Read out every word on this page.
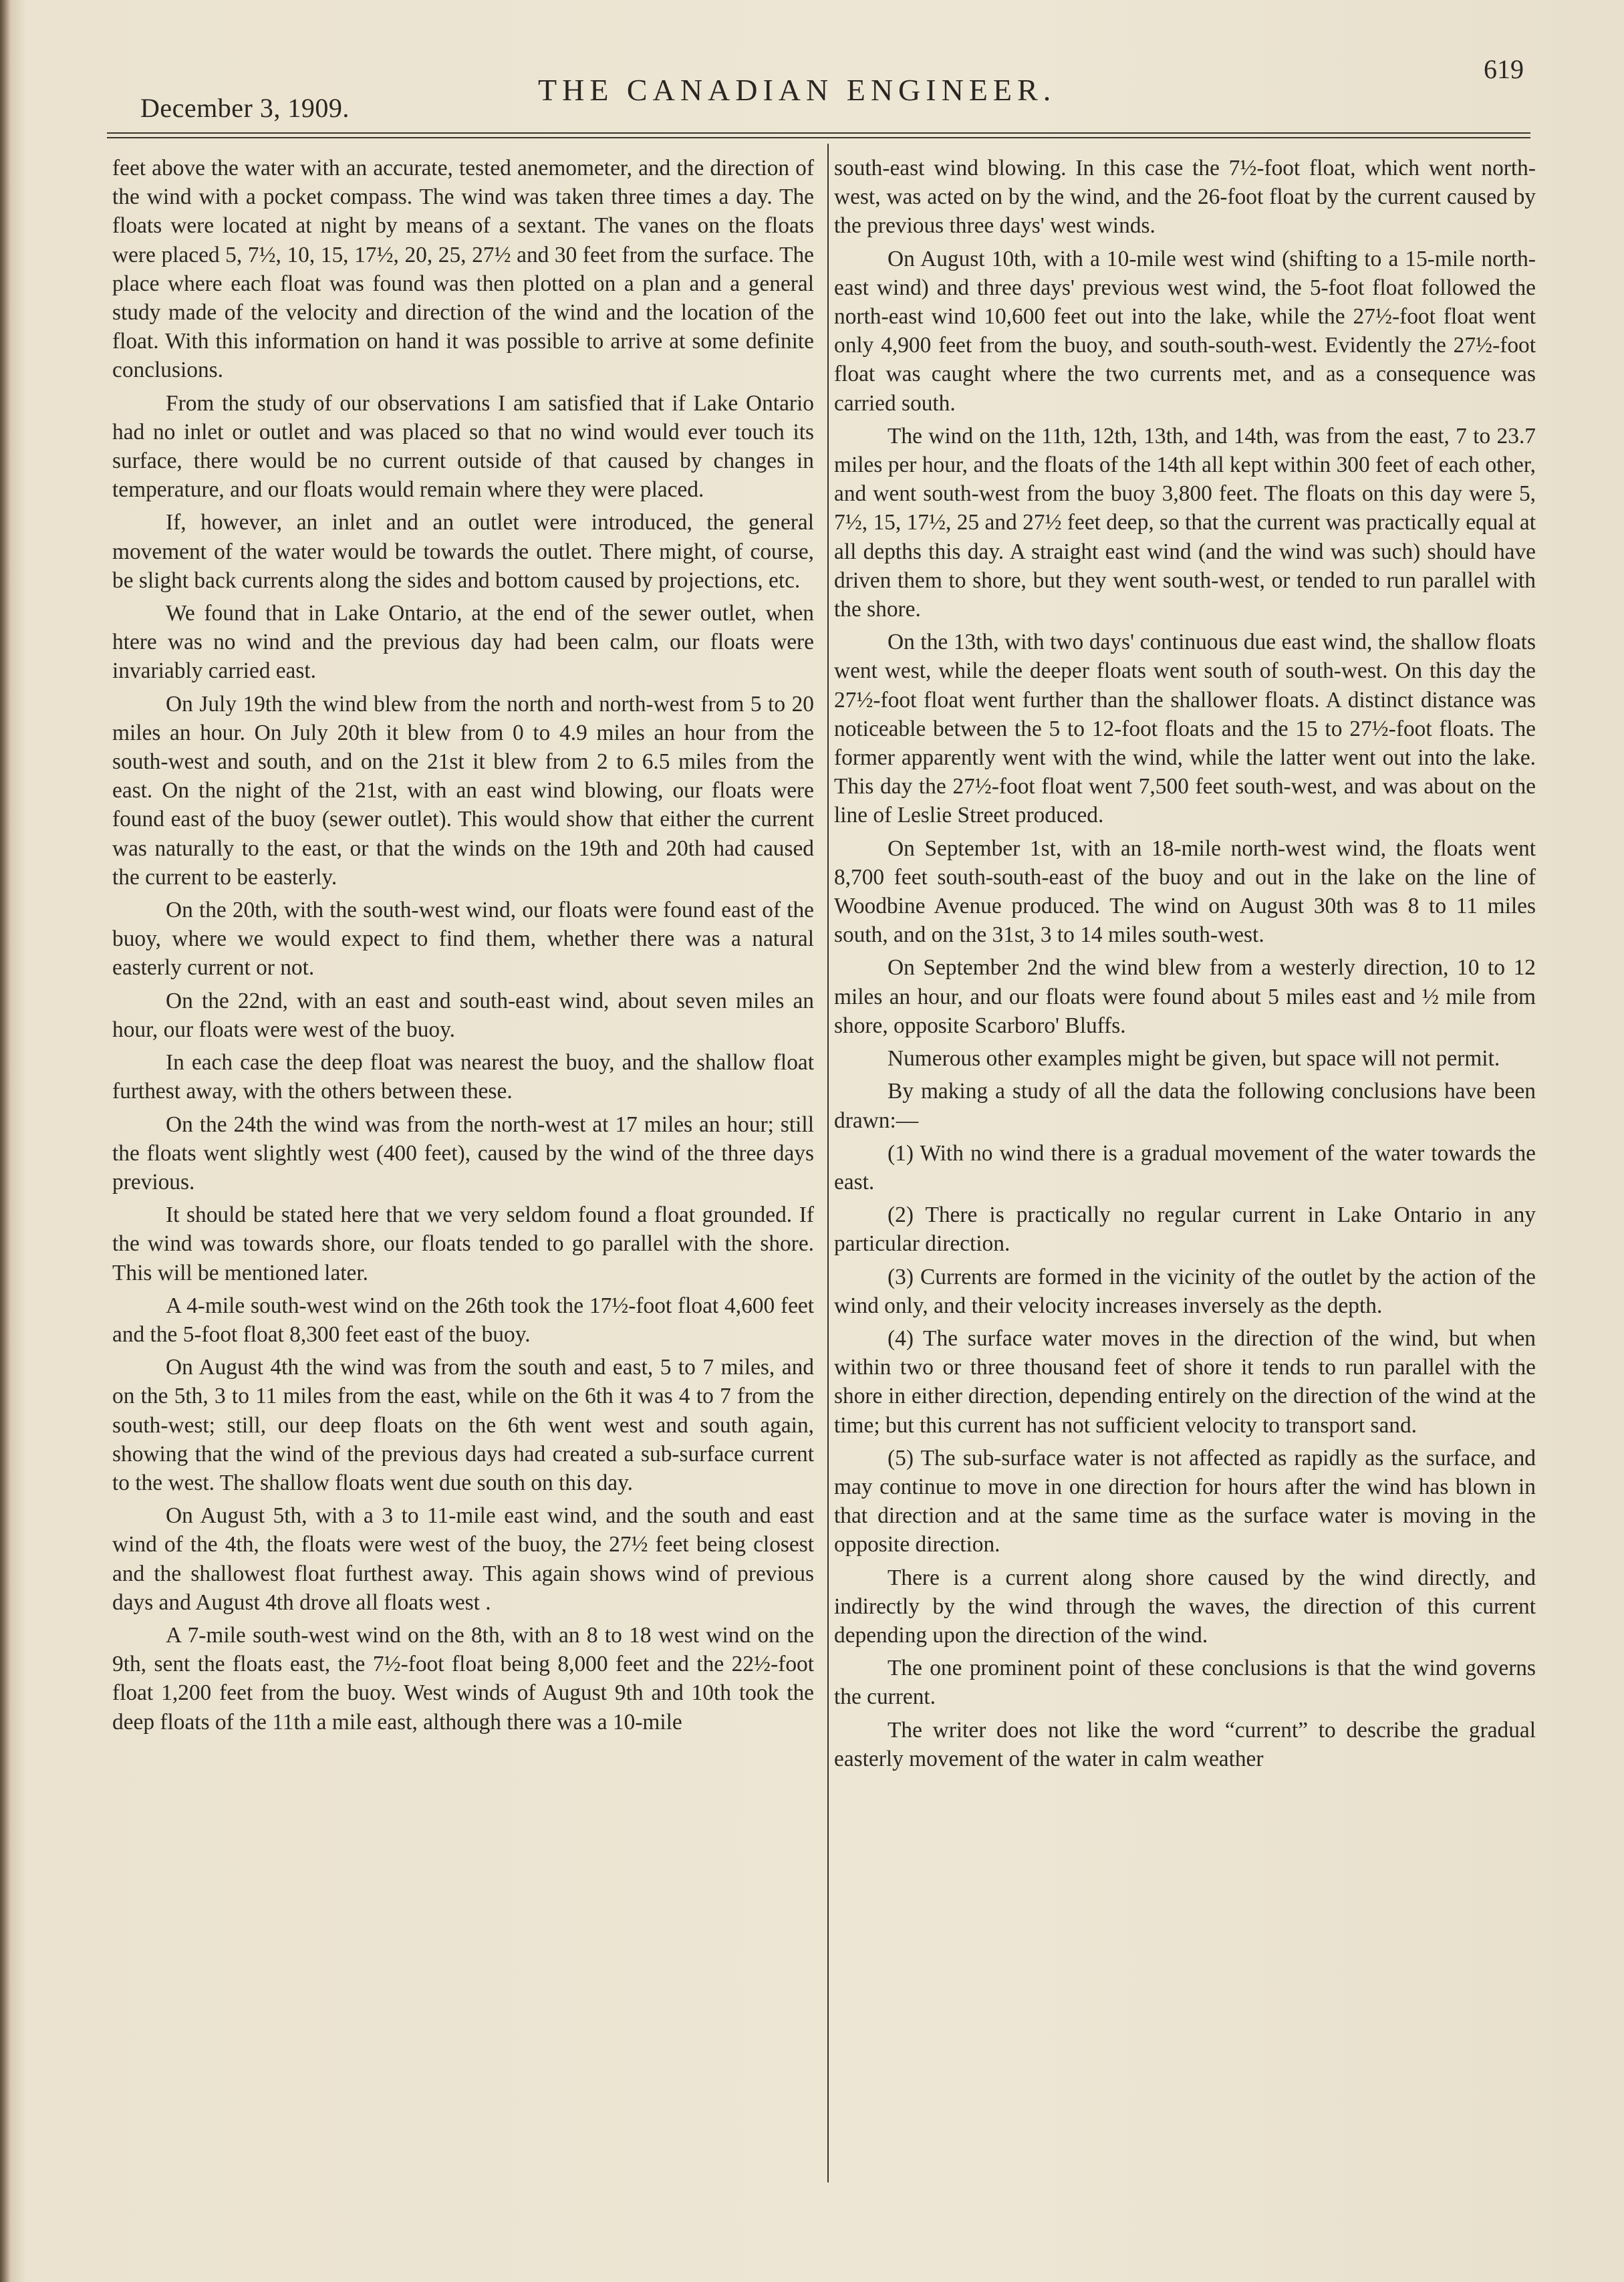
December 3, 1909.
THE CANADIAN ENGINEER.
619

feet above the water with an accurate, tested anemometer, and the direction of the wind with a pocket compass. The wind was taken three times a day. The floats were located at night by means of a sextant. The vanes on the floats were placed 5, 7½, 10, 15, 17½, 20, 25, 27½ and 30 feet from the surface. The place where each float was found was then plotted on a plan and a general study made of the velocity and direction of the wind and the location of the float. With this information on hand it was possible to arrive at some definite conclusions.

From the study of our observations I am satisfied that if Lake Ontario had no inlet or outlet and was placed so that no wind would ever touch its surface, there would be no current outside of that caused by changes in temperature, and our floats would remain where they were placed.

If, however, an inlet and an outlet were introduced, the general movement of the water would be towards the outlet. There might, of course, be slight back currents along the sides and bottom caused by projections, etc.

We found that in Lake Ontario, at the end of the sewer outlet, when htere was no wind and the previous day had been calm, our floats were invariably carried east.

On July 19th the wind blew from the north and north-west from 5 to 20 miles an hour. On July 20th it blew from 0 to 4.9 miles an hour from the south-west and south, and on the 21st it blew from 2 to 6.5 miles from the east. On the night of the 21st, with an east wind blowing, our floats were found east of the buoy (sewer outlet). This would show that either the current was naturally to the east, or that the winds on the 19th and 20th had caused the current to be easterly.

On the 20th, with the south-west wind, our floats were found east of the buoy, where we would expect to find them, whether there was a natural easterly current or not.

On the 22nd, with an east and south-east wind, about seven miles an hour, our floats were west of the buoy.

In each case the deep float was nearest the buoy, and the shallow float furthest away, with the others between these.

On the 24th the wind was from the north-west at 17 miles an hour; still the floats went slightly west (400 feet), caused by the wind of the three days previous.

It should be stated here that we very seldom found a float grounded. If the wind was towards shore, our floats tended to go parallel with the shore. This will be mentioned later.

A 4-mile south-west wind on the 26th took the 17½-foot float 4,600 feet and the 5-foot float 8,300 feet east of the buoy.

On August 4th the wind was from the south and east, 5 to 7 miles, and on the 5th, 3 to 11 miles from the east, while on the 6th it was 4 to 7 from the south-west; still, our deep floats on the 6th went west and south again, showing that the wind of the previous days had created a sub-surface current to the west. The shallow floats went due south on this day.

On August 5th, with a 3 to 11-mile east wind, and the south and east wind of the 4th, the floats were west of the buoy, the 27½ feet being closest and the shallowest float furthest away. This again shows wind of previous days and August 4th drove all floats west .

A 7-mile south-west wind on the 8th, with an 8 to 18 west wind on the 9th, sent the floats east, the 7½-foot float being 8,000 feet and the 22½-foot float 1,200 feet from the buoy. West winds of August 9th and 10th took the deep floats of the 11th a mile east, although there was a 10-mile

south-east wind blowing. In this case the 7½-foot float, which went north-west, was acted on by the wind, and the 26-foot float by the current caused by the previous three days' west winds.

On August 10th, with a 10-mile west wind (shifting to a 15-mile north-east wind) and three days' previous west wind, the 5-foot float followed the north-east wind 10,600 feet out into the lake, while the 27½-foot float went only 4,900 feet from the buoy, and south-south-west. Evidently the 27½-foot float was caught where the two currents met, and as a consequence was carried south.

The wind on the 11th, 12th, 13th, and 14th, was from the east, 7 to 23.7 miles per hour, and the floats of the 14th all kept within 300 feet of each other, and went south-west from the buoy 3,800 feet. The floats on this day were 5, 7½, 15, 17½, 25 and 27½ feet deep, so that the current was practically equal at all depths this day. A straight east wind (and the wind was such) should have driven them to shore, but they went south-west, or tended to run parallel with the shore.

On the 13th, with two days' continuous due east wind, the shallow floats went west, while the deeper floats went south of south-west. On this day the 27½-foot float went further than the shallower floats. A distinct distance was noticeable between the 5 to 12-foot floats and the 15 to 27½-foot floats. The former apparently went with the wind, while the latter went out into the lake. This day the 27½-foot float went 7,500 feet south-west, and was about on the line of Leslie Street produced.

On September 1st, with an 18-mile north-west wind, the floats went 8,700 feet south-south-east of the buoy and out in the lake on the line of Woodbine Avenue produced. The wind on August 30th was 8 to 11 miles south, and on the 31st, 3 to 14 miles south-west.

On September 2nd the wind blew from a westerly direction, 10 to 12 miles an hour, and our floats were found about 5 miles east and ½ mile from shore, opposite Scarboro' Bluffs.

Numerous other examples might be given, but space will not permit.

By making a study of all the data the following conclusions have been drawn:—

(1) With no wind there is a gradual movement of the water towards the east.

(2) There is practically no regular current in Lake Ontario in any particular direction.

(3) Currents are formed in the vicinity of the outlet by the action of the wind only, and their velocity increases inversely as the depth.

(4) The surface water moves in the direction of the wind, but when within two or three thousand feet of shore it tends to run parallel with the shore in either direction, depending entirely on the direction of the wind at the time; but this current has not sufficient velocity to transport sand.

(5) The sub-surface water is not affected as rapidly as the surface, and may continue to move in one direction for hours after the wind has blown in that direction and at the same time as the surface water is moving in the opposite direction.

There is a current along shore caused by the wind directly, and indirectly by the wind through the waves, the direction of this current depending upon the direction of the wind.

The one prominent point of these conclusions is that the wind governs the current.

The writer does not like the word “current” to describe the gradual easterly movement of the water in calm weather
